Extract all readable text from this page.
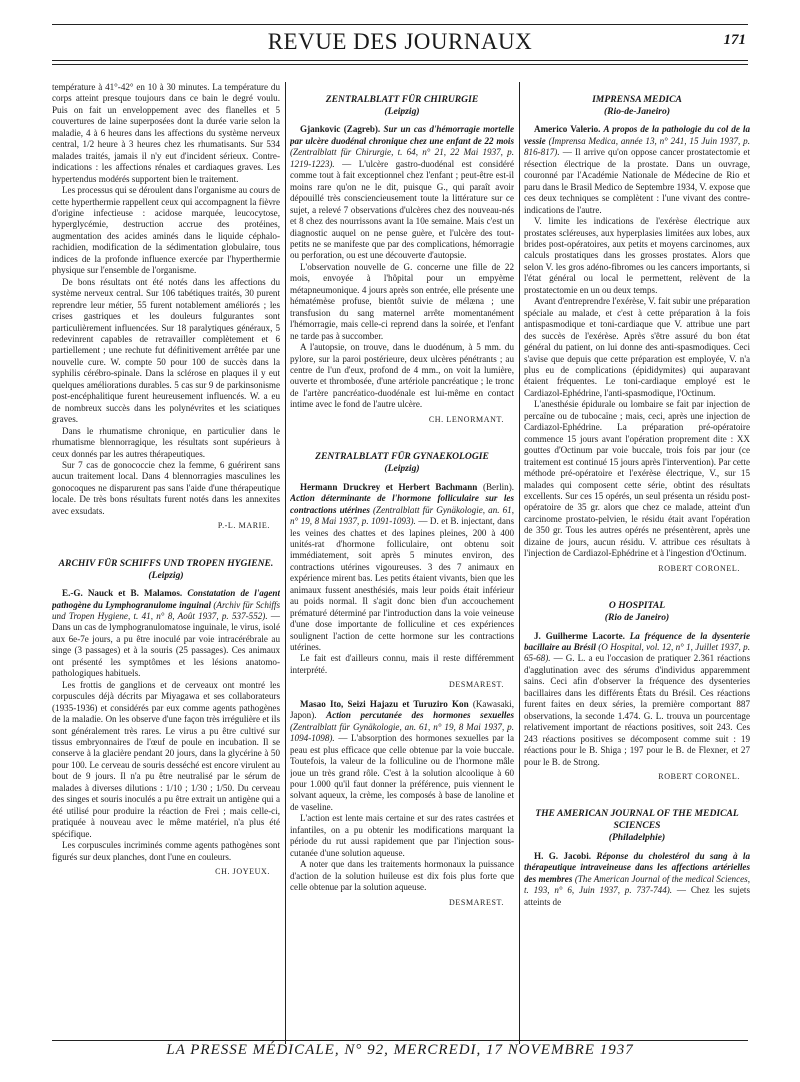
REVUE DES JOURNAUX	171

température à 41°-42° en 10 à 30 minutes. La température du corps atteint presque toujours dans ce bain le degré voulu. Puis on fait un enveloppement avec des flanelles et 5 couvertures de laine superposées dont la durée varie selon la maladie, 4 à 6 heures dans les affections du système nerveux central, 1/2 heure à 3 heures chez les rhumatisants. Sur 534 malades traités, jamais il n'y eut d'incident sérieux. Contre-indications : les affections rénales et cardiaques graves. Les hypertendus modérés supportent bien le traitement.

Les processus qui se déroulent dans l'organisme au cours de cette hyperthermie rappellent ceux qui accompagnent la fièvre d'origine infectieuse : acidose marquée, leucocytose, hyperglycémie, destruction accrue des protéines, augmentation des acides aminés dans le liquide céphalo-rachidien, modification de la sédimentation globulaire, tous indices de la profonde influence exercée par l'hyperthermie physique sur l'ensemble de l'organisme.

De bons résultats ont été notés dans les affections du système nerveux central. Sur 106 tabétiques traités, 30 purent reprendre leur métier, 55 furent notablement améliorés ; les crises gastriques et les douleurs fulgurantes sont particulièrement influencées. Sur 18 paralytiques généraux, 5 redevinrent capables de retravailler complètement et 6 partiellement ; une rechute fut définitivement arrêtée par une nouvelle cure. W. compte 50 pour 100 de succès dans la syphilis cérébro-spinale. Dans la sclérose en plaques il y eut quelques améliorations durables. 5 cas sur 9 de parkinsonisme post-encéphalitique furent heureusement influencés. W. a eu de nombreux succès dans les polynévrites et les sciatiques graves.

Dans le rhumatisme chronique, en particulier dans le rhumatisme blennorragique, les résultats sont supérieurs à ceux donnés par les autres thérapeutiques.

Sur 7 cas de gonococcie chez la femme, 6 guérirent sans aucun traitement local. Dans 4 blennorragies masculines les gonocoques ne disparurent pas sans l'aide d'une thérapeutique locale. De très bons résultats furent notés dans les annexites avec exsudats.

P.-L. MARIE.
ARCHIV FÜR SCHIFFS UND TROPEN HYGIENE.
(Leipzig)

E.-G. Nauck et B. Malamos. Constatation de l'agent pathogène du Lymphogranulome inguinal (Archiv für Schiffs und Tropen Hygiene, t. 41, n° 8, Août 1937, p. 537-552). — Dans un cas de lymphogranulomatose inguinale, le virus, isolé aux 6e-7e jours, a pu être inoculé par voie intracérébrale au singe (3 passages) et à la souris (25 passages). Ces animaux ont présenté les symptômes et les lésions anatomo-pathologiques habituels.

Les frottis de ganglions et de cerveaux ont montré les corpuscules déjà décrits par Miyagawa et ses collaborateurs (1935-1936) et considérés par eux comme agents pathogènes de la maladie. On les observe d'une façon très irrégulière et ils sont généralement très rares. Le virus a pu être cultivé sur tissus embryonnaires de l'œuf de poule en incubation. Il se conserve à la glacière pendant 20 jours, dans la glycérine à 50 pour 100. Le cerveau de souris desséché est encore virulent au bout de 9 jours. Il n'a pu être neutralisé par le sérum de malades à diverses dilutions : 1/10 ; 1/30 ; 1/50. Du cerveau des singes et souris inoculés a pu être extrait un antigène qui a été utilisé pour produire la réaction de Frei ; mais celle-ci, pratiquée à nouveau avec le même matériel, n'a plus été spécifique.

Les corpuscules incriminés comme agents pathogènes sont figurés sur deux planches, dont l'une en couleurs.

CH. JOYEUX.
ZENTRALBLATT FÜR CHIRURGIE
(Leipzig)

Gjankovic (Zagreb). Sur un cas d'hémorragie mortelle par ulcère duodénal chronique chez une enfant de 22 mois (Zentralblatt für Chirurgie, t. 64, n° 21, 22 Mai 1937, p. 1219-1223). — L'ulcère gastro-duodénal est considéré comme tout à fait exceptionnel chez l'enfant ; peut-être est-il moins rare qu'on ne le dit, puisque G., qui paraît avoir dépouillé très consciencieusement toute la littérature sur ce sujet, a relevé 7 observations d'ulcères chez des nouveau-nés et 8 chez des nourrissons avant la 10e semaine. Mais c'est un diagnostic auquel on ne pense guère, et l'ulcère des tout-petits ne se manifeste que par des complications, hémorragie ou perforation, ou est une découverte d'autopsie.

L'observation nouvelle de G. concerne une fille de 22 mois, envoyée à l'hôpital pour un empyème métapneumonique. 4 jours après son entrée, elle présente une hématémèse profuse, bientôt suivie de mélæna ; une transfusion du sang maternel arrête momentanément l'hémorragie, mais celle-ci reprend dans la soirée, et l'enfant ne tarde pas à succomber.

A l'autopsie, on trouve, dans le duodénum, à 5 mm. du pylore, sur la paroi postérieure, deux ulcères pénétrants ; au centre de l'un d'eux, profond de 4 mm., on voit la lumière, ouverte et thrombosée, d'une artériole pancréatique ; le tronc de l'artère pancréatico-duodénale est lui-même en contact intime avec le fond de l'autre ulcère.

CH. LENORMANT.
ZENTRALBLATT FÜR GYNAEKOLOGIE
(Leipzig)

Hermann Druckrey et Herbert Bachmann (Berlin). Action déterminante de l'hormone folliculaire sur les contractions utérines (Zentralblatt für Gynäkologie, an. 61, n° 19, 8 Mai 1937, p. 1091-1093). — D. et B. injectant, dans les veines des chattes et des lapines pleines, 200 à 400 unités-rat d'hormone folliculaire, ont obtenu soit immédiatement, soit après 5 minutes environ, des contractions utérines vigoureuses. 3 des 7 animaux en expérience mirent bas. Les petits étaient vivants, bien que les animaux fussent anesthésiés, mais leur poids était inférieur au poids normal. Il s'agit donc bien d'un accouchement prématuré déterminé par l'introduction dans la voie veineuse d'une dose importante de folliculine et ces expériences soulignent l'action de cette hormone sur les contractions utérines.

Le fait est d'ailleurs connu, mais il reste différemment interprété.

DESMAREST.

Masao Ito, Seizi Hajazu et Turuziro Kon (Kawasaki, Japon). Action percutanée des hormones sexuelles (Zentralblatt für Gynäkologie, an. 61, n° 19, 8 Mai 1937, p. 1094-1098). — L'absorption des hormones sexuelles par la peau est plus efficace que celle obtenue par la voie buccale. Toutefois, la valeur de la folliculine ou de l'hormone mâle joue un très grand rôle. C'est à la solution alcoolique à 60 pour 1.000 qu'il faut donner la préférence, puis viennent le solvant aqueux, la crème, les composés à base de lanoline et de vaseline.

L'action est lente mais certaine et sur des rates castrées et infantiles, on a pu obtenir les modifications marquant la période du rut aussi rapidement que par l'injection sous-cutanée d'une solution aqueuse.

A noter que dans les traitements hormonaux la puissance d'action de la solution huileuse est dix fois plus forte que celle obtenue par la solution aqueuse.

DESMAREST.
IMPRENSA MEDICA
(Rio-de-Janeiro)

Americo Valerio. A propos de la pathologie du col de la vessie (Imprensa Medica, année 13, n° 241, 15 Juin 1937, p. 816-817). — Il arrive qu'on oppose cancer prostatectomie et résection électrique de la prostate. Dans un ouvrage, couronné par l'Académie Nationale de Médecine de Rio et paru dans le Brasil Medico de Septembre 1934, V. expose que ces deux techniques se complètent : l'une vivant des contre-indications de l'autre.

V. limite les indications de l'exérèse électrique aux prostates scléreuses, aux hyperplasies limitées aux lobes, aux brides post-opératoires, aux petits et moyens carcinomes, aux calculs prostatiques dans les grosses prostates. Alors que selon V. les gros adéno-fibromes ou les cancers importants, si l'état général ou local le permettent, relèvent de la prostatectomie en un ou deux temps.

Avant d'entreprendre l'exérèse, V. fait subir une préparation spéciale au malade, et c'est à cette préparation à la fois antispasmodique et toni-cardiaque que V. attribue une part des succès de l'exérèse. Après s'être assuré du bon état général du patient, on lui donne des anti-spasmodiques. Ceci s'avise que depuis que cette préparation est employée, V. n'a plus eu de complications (épididymites) qui auparavant étaient fréquentes. Le toni-cardiaque employé est le Cardiazol-Ephédrine, l'anti-spasmodique, l'Octinum.

L'anesthésie épidurale ou lombaire se fait par injection de percaïne ou de tubocaïne ; mais, ceci, après une injection de Cardiazol-Ephédrine. La préparation pré-opératoire commence 15 jours avant l'opération proprement dite : XX gouttes d'Octinum par voie buccale, trois fois par jour (ce traitement est continué 15 jours après l'intervention). Par cette méthode pré-opératoire et l'exérèse électrique, V., sur 15 malades qui composent cette série, obtint des résultats excellents. Sur ces 15 opérés, un seul présenta un résidu post-opératoire de 35 gr. alors que chez ce malade, atteint d'un carcinome prostato-pelvien, le résidu était avant l'opération de 350 gr. Tous les autres opérés ne présentèrent, après une dizaine de jours, aucun résidu. V. attribue ces résultats à l'injection de Cardiazol-Ephédrine et à l'ingestion d'Octinum.

ROBERT CORONEL.
O HOSPITAL
(Rio de Janeiro)

J. Guilherme Lacorte. La fréquence de la dysenterie bacillaire au Brésil (O Hospital, vol. 12, n° 1, Juillet 1937, p. 65-68). — G. L. a eu l'occasion de pratiquer 2.361 réactions d'agglutination avec des sérums d'individus apparemment sains. Ceci afin d'observer la fréquence des dysenteries bacillaires dans les différents États du Brésil. Ces réactions furent faites en deux séries, la première comportant 887 observations, la seconde 1.474. G. L. trouva un pourcentage relativement important de réactions positives, soit 243. Ces 243 réactions positives se décomposent comme suit : 19 réactions pour le B. Shiga ; 197 pour le B. de Flexner, et 27 pour le B. de Strong.

ROBERT CORONEL.
THE AMERICAN JOURNAL OF THE MEDICAL SCIENCES
(Philadelphie)

H. G. Jacobi. Réponse du cholestérol du sang à la thérapeutique intraveineuse dans les affections artérielles des membres (The American Journal of the medical Sciences, t. 193, n° 6, Juin 1937, p. 737-744). — Chez les sujets atteints de

LA PRESSE MÉDICALE, N° 92, MERCREDI, 17 NOVEMBRE 1937
